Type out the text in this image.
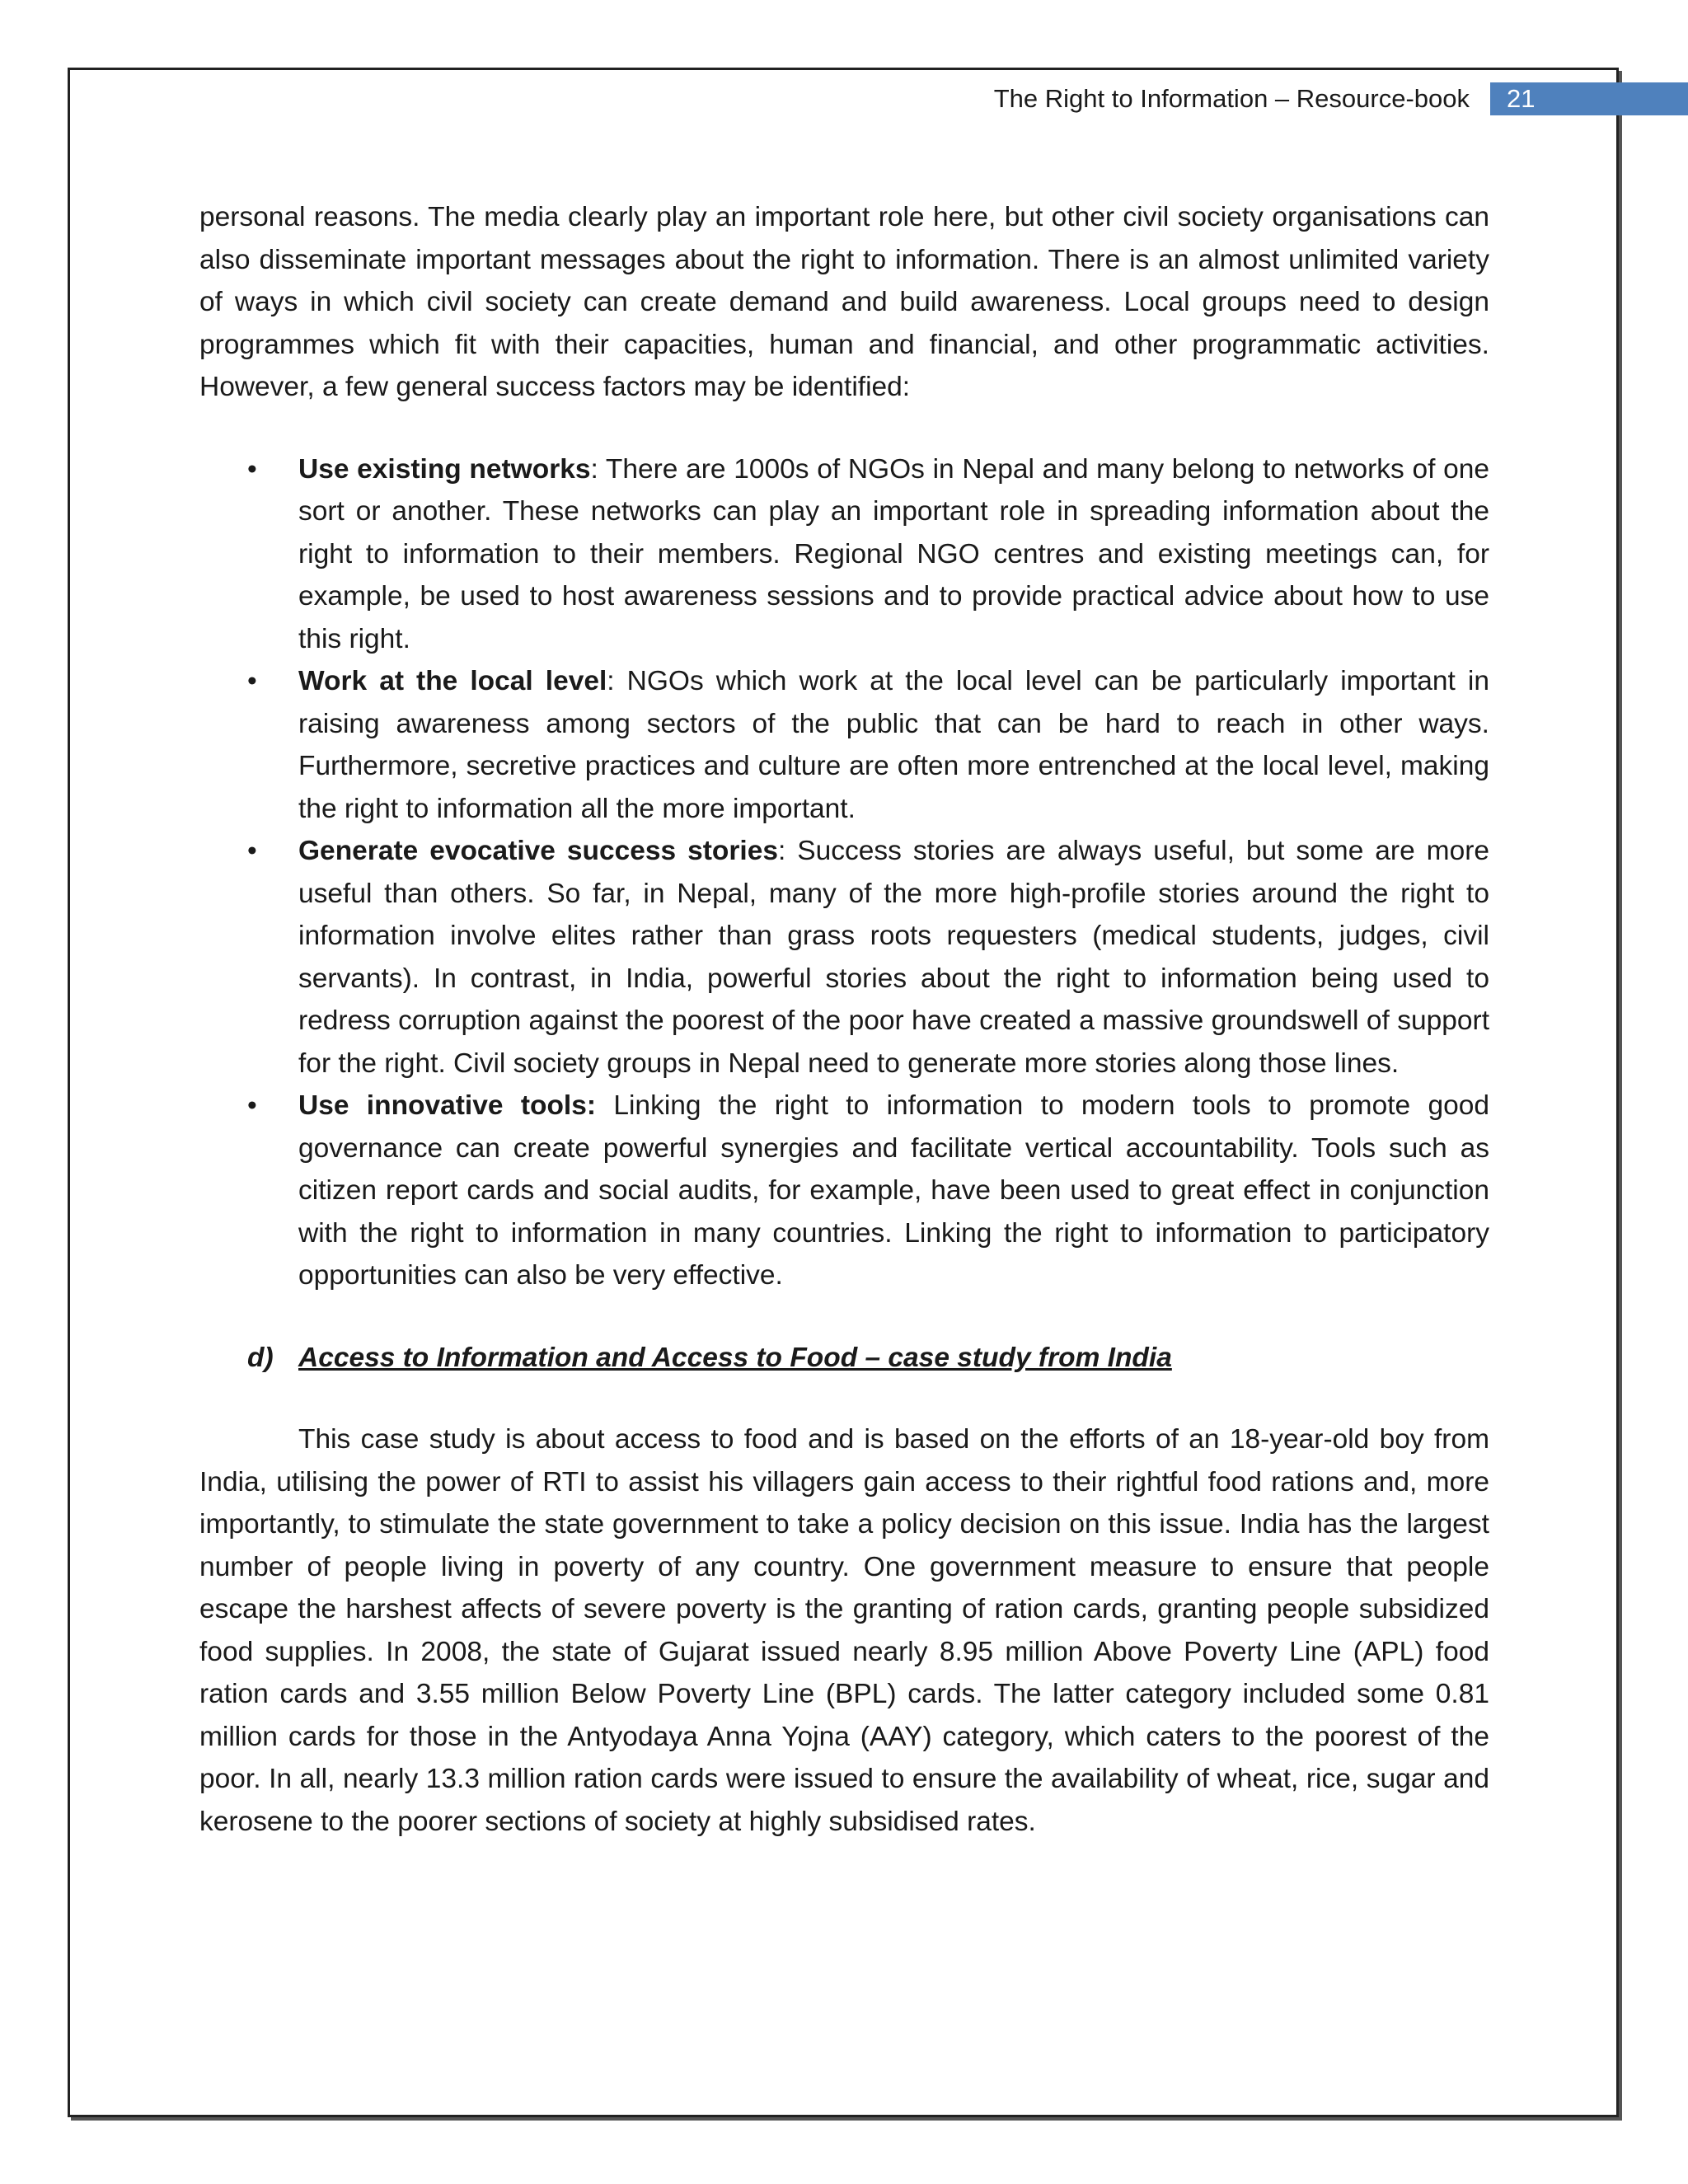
The Right to Information – Resource-book 21

personal reasons. The media clearly play an important role here, but other civil society organisations can also disseminate important messages about the right to information. There is an almost unlimited variety of ways in which civil society can create demand and build awareness. Local groups need to design programmes which fit with their capacities, human and financial, and other programmatic activities. However, a few general success factors may be identified:

• Use existing networks: There are 1000s of NGOs in Nepal and many belong to networks of one sort or another. These networks can play an important role in spreading information about the right to information to their members. Regional NGO centres and existing meetings can, for example, be used to host awareness sessions and to provide practical advice about how to use this right.
• Work at the local level: NGOs which work at the local level can be particularly important in raising awareness among sectors of the public that can be hard to reach in other ways. Furthermore, secretive practices and culture are often more entrenched at the local level, making the right to information all the more important.
• Generate evocative success stories: Success stories are always useful, but some are more useful than others. So far, in Nepal, many of the more high-profile stories around the right to information involve elites rather than grass roots requesters (medical students, judges, civil servants). In contrast, in India, powerful stories about the right to information being used to redress corruption against the poorest of the poor have created a massive groundswell of support for the right. Civil society groups in Nepal need to generate more stories along those lines.
• Use innovative tools: Linking the right to information to modern tools to promote good governance can create powerful synergies and facilitate vertical accountability. Tools such as citizen report cards and social audits, for example, have been used to great effect in conjunction with the right to information in many countries. Linking the right to information to participatory opportunities can also be very effective.
d) Access to Information and Access to Food – case study from India

This case study is about access to food and is based on the efforts of an 18-year-old boy from India, utilising the power of RTI to assist his villagers gain access to their rightful food rations and, more importantly, to stimulate the state government to take a policy decision on this issue. India has the largest number of people living in poverty of any country. One government measure to ensure that people escape the harshest affects of severe poverty is the granting of ration cards, granting people subsidized food supplies. In 2008, the state of Gujarat issued nearly 8.95 million Above Poverty Line (APL) food ration cards and 3.55 million Below Poverty Line (BPL) cards. The latter category included some 0.81 million cards for those in the Antyodaya Anna Yojna (AAY) category, which caters to the poorest of the poor. In all, nearly 13.3 million ration cards were issued to ensure the availability of wheat, rice, sugar and kerosene to the poorer sections of society at highly subsidised rates.
